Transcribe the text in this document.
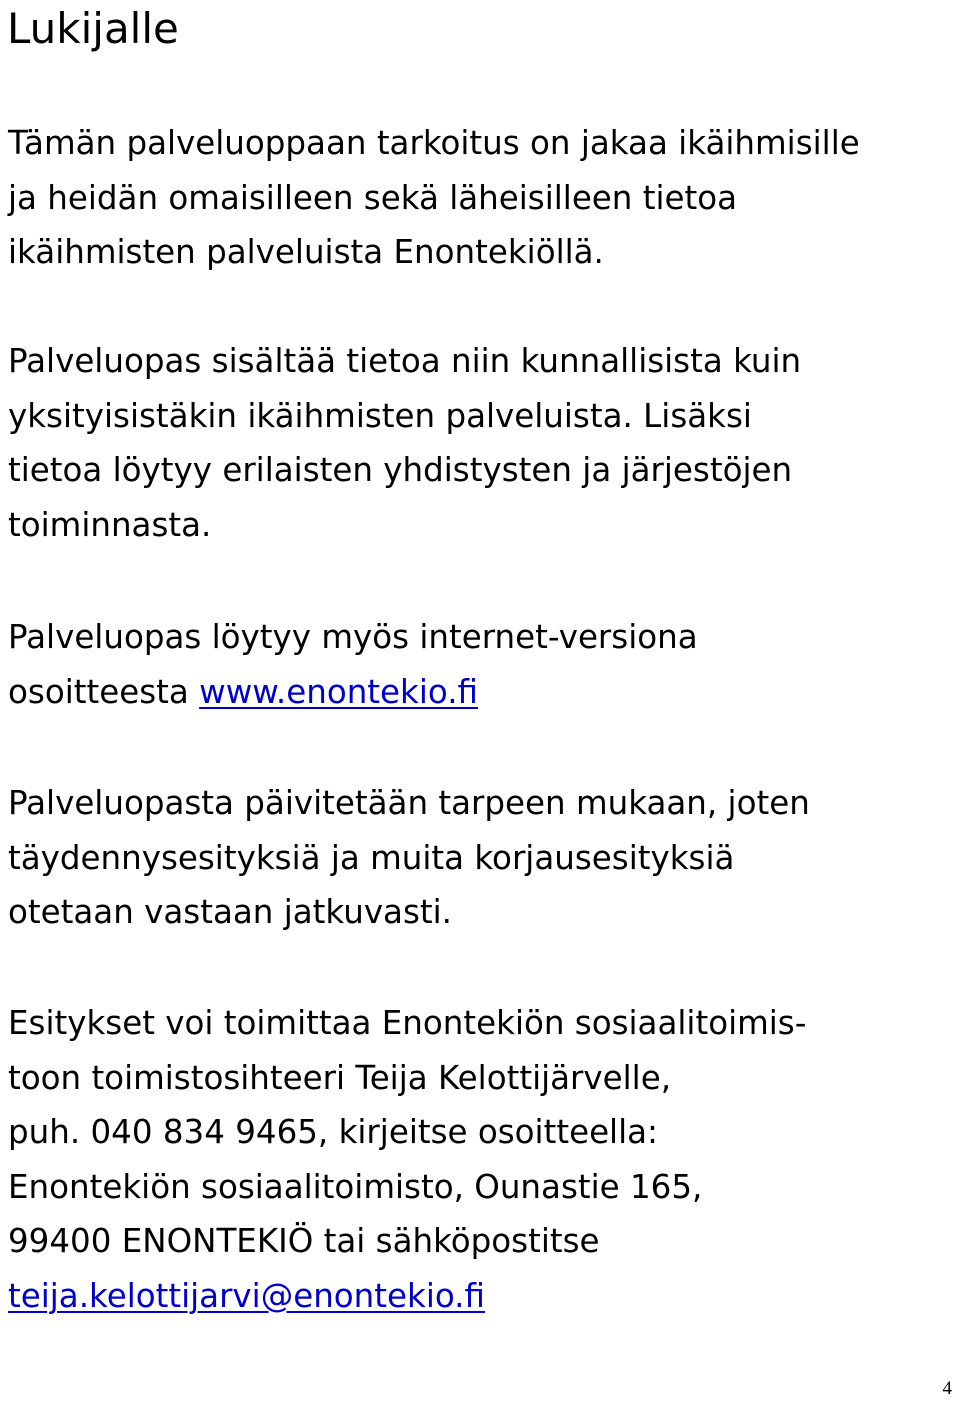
Lukijalle

Tämän palveluoppaan tarkoitus on jakaa ikäihmisille
ja heidän omaisilleen sekä läheisilleen tietoa
ikäihmisten palveluista Enontekiöllä.

Palveluopas sisältää tietoa niin kunnallisista kuin
yksityisistäkin ikäihmisten palveluista. Lisäksi
tietoa löytyy erilaisten yhdistysten ja järjestöjen
toiminnasta.

Palveluopas löytyy myös internet-versiona
osoitteesta www.enontekio.fi

Palveluopasta päivitetään tarpeen mukaan, joten
täydennysesityksiä ja muita korjausesityksiä
otetaan vastaan jatkuvasti.

Esitykset voi toimittaa Enontekiön sosiaalitoimis-
toon toimistosihteeri Teija Kelottijärvelle,
puh. 040 834 9465, kirjeitse osoitteella:
Enontekiön sosiaalitoimisto, Ounastie 165,
99400 ENONTEKIÖ tai sähköpostitse
teija.kelottijarvi@enontekio.fi

4
